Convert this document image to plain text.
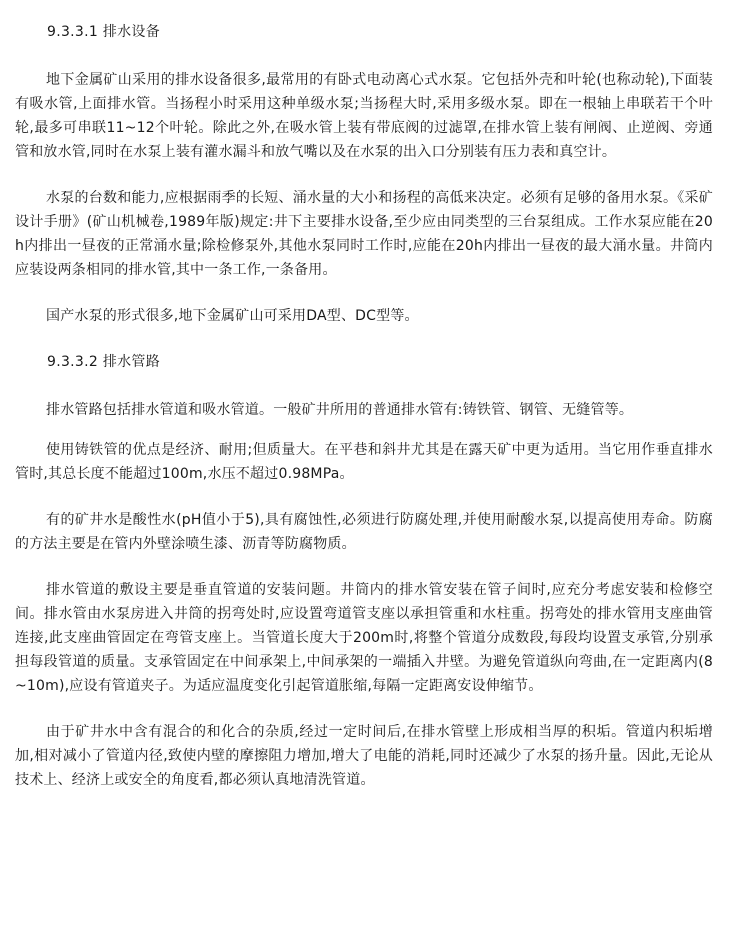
9.3.3.1 排水设备

地下金属矿山采用的排水设备很多,最常用的有卧式电动离心式水泵。它包括外壳和叶轮(也称动轮),下面装有吸水管,上面排水管。当扬程小时采用这种单级水泵;当扬程大时,采用多级水泵。即在一根轴上串联若干个叶轮,最多可串联11~12个叶轮。除此之外,在吸水管上装有带底阀的过滤罩,在排水管上装有闸阀、止逆阀、旁通管和放水管,同时在水泵上装有灌水漏斗和放气嘴以及在水泵的出入口分别装有压力表和真空计。

水泵的台数和能力,应根据雨季的长短、涌水量的大小和扬程的高低来决定。必须有足够的备用水泵。《采矿设计手册》(矿山机械卷,1989年版)规定:井下主要排水设备,至少应由同类型的三台泵组成。工作水泵应能在20h内排出一昼夜的正常涌水量;除检修泵外,其他水泵同时工作时,应能在20h内排出一昼夜的最大涌水量。井筒内应装设两条相同的排水管,其中一条工作,一条备用。

国产水泵的形式很多,地下金属矿山可采用DA型、DC型等。

9.3.3.2 排水管路

排水管路包括排水管道和吸水管道。一般矿井所用的普通排水管有:铸铁管、钢管、无缝管等。

使用铸铁管的优点是经济、耐用;但质量大。在平巷和斜井尤其是在露天矿中更为适用。当它用作垂直排水管时,其总长度不能超过100m,水压不超过0.98MPa。

有的矿井水是酸性水(pH值小于5),具有腐蚀性,必须进行防腐处理,并使用耐酸水泵,以提高使用寿命。防腐的方法主要是在管内外壁涂喷生漆、沥青等防腐物质。

排水管道的敷设主要是垂直管道的安装问题。井筒内的排水管安装在管子间时,应充分考虑安装和检修空间。排水管由水泵房进入井筒的拐弯处时,应设置弯道管支座以承担管重和水柱重。拐弯处的排水管用支座曲管连接,此支座曲管固定在弯管支座上。当管道长度大于200m时,将整个管道分成数段,每段均设置支承管,分别承担每段管道的质量。支承管固定在中间承架上,中间承架的一端插入井壁。为避免管道纵向弯曲,在一定距离内(8~10m),应设有管道夹子。为适应温度变化引起管道胀缩,每隔一定距离安设伸缩节。

由于矿井水中含有混合的和化合的杂质,经过一定时间后,在排水管壁上形成相当厚的积垢。管道内积垢增加,相对减小了管道内径,致使内壁的摩擦阻力增加,增大了电能的消耗,同时还减少了水泵的扬升量。因此,无论从技术上、经济上或安全的角度看,都必须认真地清洗管道。
